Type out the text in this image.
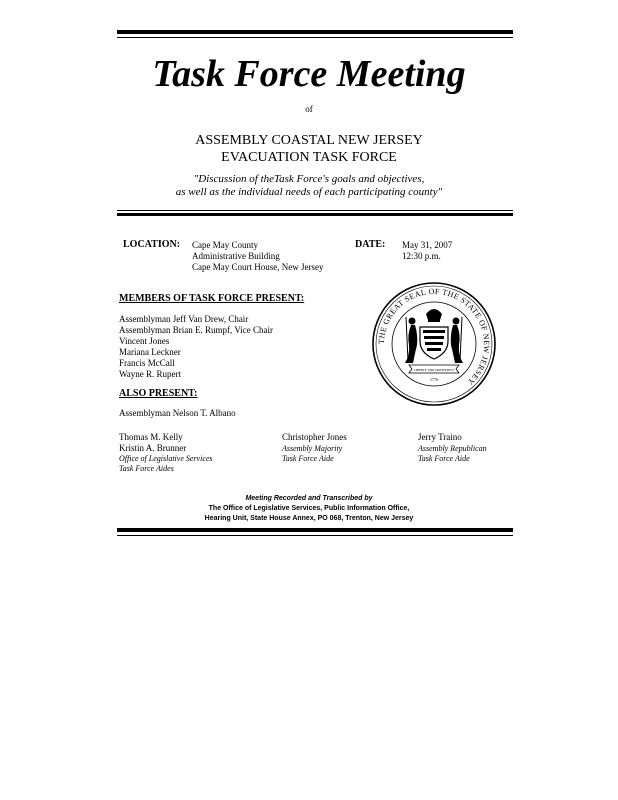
Task Force Meeting
of
ASSEMBLY COASTAL NEW JERSEY
EVACUATION TASK FORCE
"Discussion of theTask Force's goals and objectives,
as well as the individual needs of each participating county"
LOCATION: Cape May County
Administrative Building
Cape May Court House, New Jersey
DATE: May 31, 2007
12:30 p.m.
MEMBERS OF TASK FORCE PRESENT:
Assemblyman Jeff Van Drew, Chair
Assemblyman Brian E. Rumpf, Vice Chair
Vincent Jones
Mariana Leckner
Francis McCall
Wayne R. Rupert
THE GREAT SEAL OF THE STATE OF NEW JERSEY
LIBERTY AND PROSPERITY
1776
ALSO PRESENT:
Assemblyman Nelson T. Albano
Thomas M. Kelly
Kristin A. Brunner
Office of Legislative Services
Task Force Aides
Christopher Jones
Assembly Majority
Task Force Aide
Jerry Traino
Assembly Republican
Task Force Aide
Meeting Recorded and Transcribed by
The Office of Legislative Services, Public Information Office,
Hearing Unit, State House Annex, PO 068, Trenton, New Jersey
